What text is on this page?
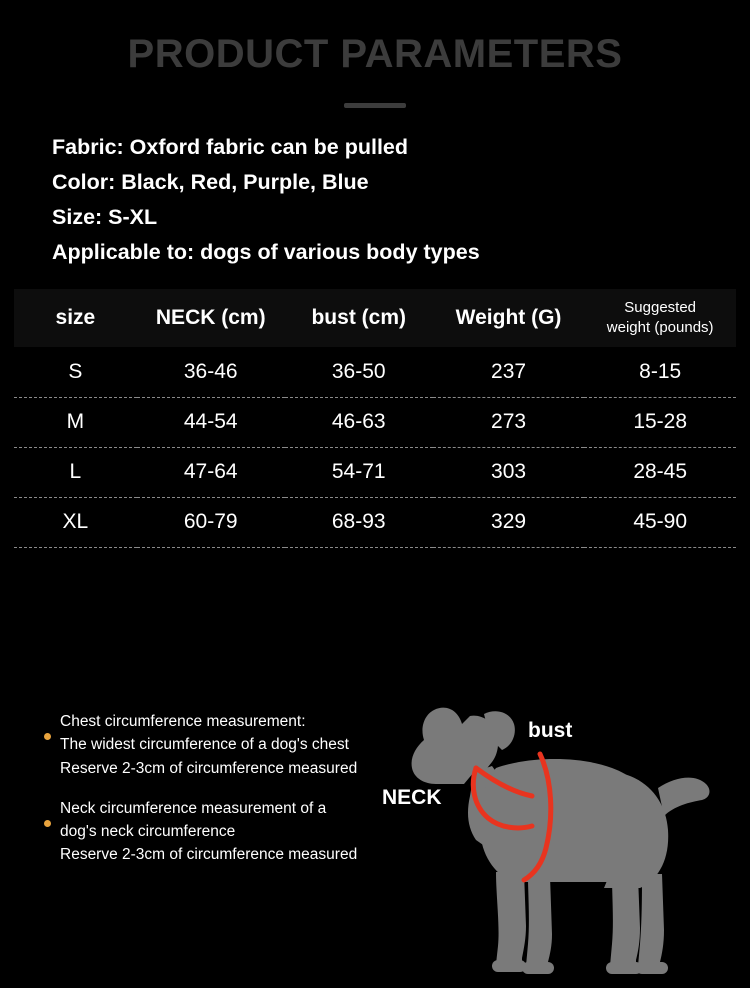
PRODUCT PARAMETERS
Fabric: Oxford fabric can be pulled
Color: Black, Red, Purple, Blue
Size: S-XL
Applicable to: dogs of various body types
size	NECK (cm)	bust (cm)	Weight (G)	Suggested
weight (pounds)
S	36-46	36-50	237	8-15
M	44-54	46-63	273	15-28
L	47-64	54-71	303	28-45
XL	60-79	68-93	329	45-90
Chest circumference measurement:
The widest circumference of a dog's chest
Reserve 2-3cm of circumference measured
Neck circumference measurement of a
dog's neck circumference
Reserve 2-3cm of circumference measured
bust
NECK
